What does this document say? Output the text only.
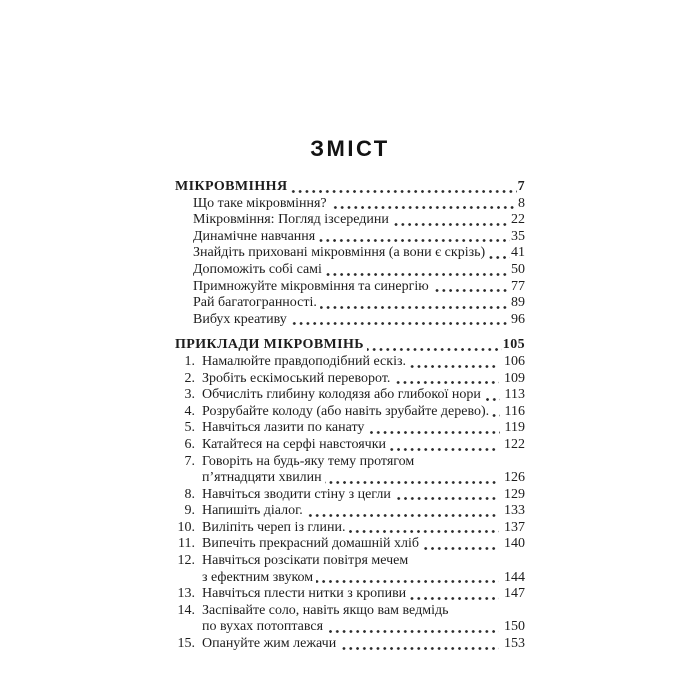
ЗМІСТ
МІКРОВМІННЯ	7
Що таке мікровміння?	8
Мікровміння: Погляд ізсередини	22
Динамічне навчання	35
Знайдіть приховані мікровміння (а вони є скрізь) 41
Допоможіть собі самі	50
Примножуйте мікровміння та синергію	77
Рай багатогранності.	89
Вибух креативу	96
ПРИКЛАДИ МІКРОВМІНЬ	105
1. Намалюйте правдоподібний ескіз.	106
2. Зробіть ескімоський переворот.	109
3. Обчисліть глибину колодязя або глибокої нори 113
4. Розрубайте колоду (або навіть зрубайте дерево). 116
5. Навчіться лазити по канату	119
6. Катайтеся на серфі навстоячки	122
7. Говоріть на будь-яку тему протягом
п’ятнадцяти хвилин	126
8. Навчіться зводити стіну з цегли	129
9. Напишіть діалог.	133
10. Виліпіть череп із глини.	137
11. Випечіть прекрасний домашній хліб	140
12. Навчіться розсікати повітря мечем
з ефектним звуком	144
13. Навчіться плести нитки з кропиви	147
14. Заспівайте соло, навіть якщо вам ведмідь
по вухах потоптався	150
15. Опануйте жим лежачи	153
